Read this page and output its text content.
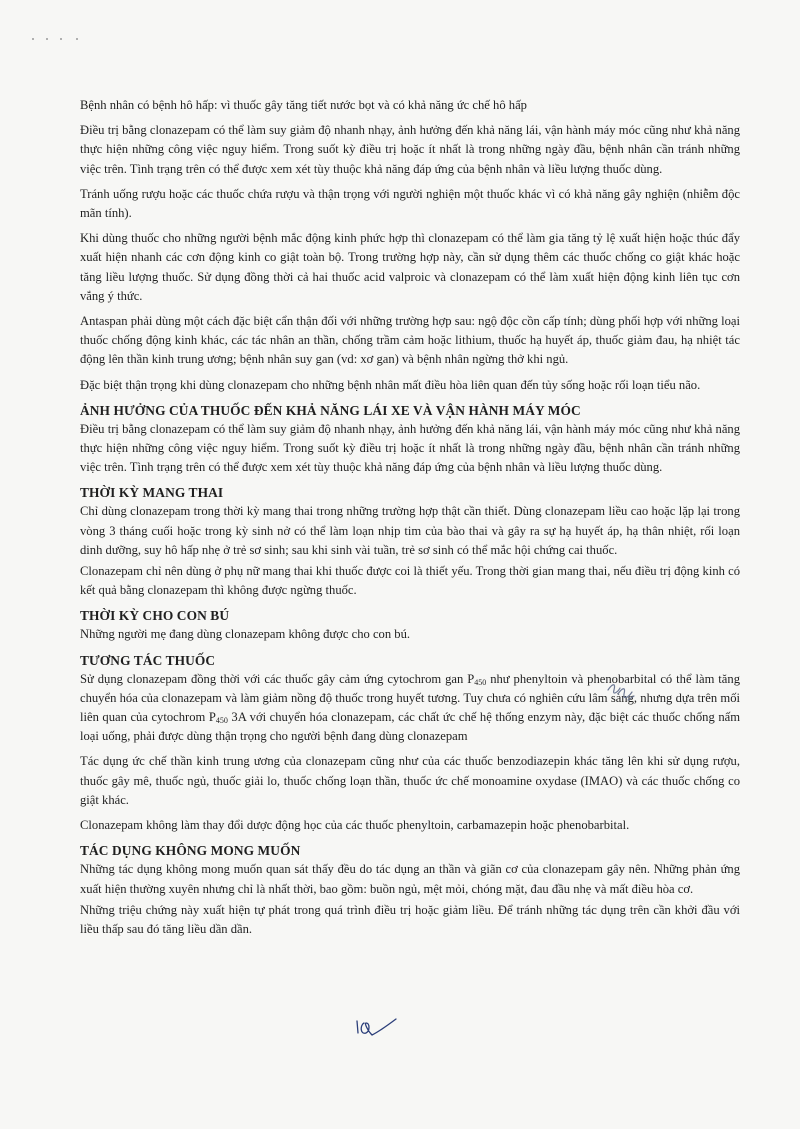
Bệnh nhân có bệnh hô hấp: vì thuốc gây tăng tiết nước bọt và có khả năng ức chế hô hấp

Điều trị bằng clonazepam có thể làm suy giảm độ nhanh nhạy, ảnh hưởng đến khả năng lái, vận hành máy móc cũng như khả năng thực hiện những công việc nguy hiểm. Trong suốt kỳ điều trị hoặc ít nhất là trong những ngày đầu, bệnh nhân cần tránh những việc trên. Tình trạng trên có thể được xem xét tùy thuộc khả năng đáp ứng của bệnh nhân và liều lượng thuốc dùng.

Tránh uống rượu hoặc các thuốc chứa rượu và thận trọng với người nghiện một thuốc khác vì có khả năng gây nghiện (nhiễm độc mãn tính).

Khi dùng thuốc cho những người bệnh mắc động kinh phức hợp thì clonazepam có thể làm gia tăng tỷ lệ xuất hiện hoặc thúc đẩy xuất hiện nhanh các cơn động kinh co giật toàn bộ. Trong trường hợp này, cần sử dụng thêm các thuốc chống co giật khác hoặc tăng liều lượng thuốc. Sử dụng đồng thời cả hai thuốc acid valproic và clonazepam có thể làm xuất hiện động kinh liên tục cơn vắng ý thức.

Antaspan phải dùng một cách đặc biệt cẩn thận đối với những trường hợp sau: ngộ độc cồn cấp tính; dùng phối hợp với những loại thuốc chống động kinh khác, các tác nhân an thần, chống trầm cảm hoặc lithium, thuốc hạ huyết áp, thuốc giảm đau, hạ nhiệt tác động lên thần kinh trung ương; bệnh nhân suy gan (vd: xơ gan) và bệnh nhân ngừng thở khi ngủ.

Đặc biệt thận trọng khi dùng clonazepam cho những bệnh nhân mất điều hòa liên quan đến tủy sống hoặc rối loạn tiểu não.

ẢNH HƯỞNG CỦA THUỐC ĐẾN KHẢ NĂNG LÁI XE VÀ VẬN HÀNH MÁY MÓC

Điều trị bằng clonazepam có thể làm suy giảm độ nhanh nhạy, ảnh hưởng đến khả năng lái, vận hành máy móc cũng như khả năng thực hiện những công việc nguy hiểm. Trong suốt kỳ điều trị hoặc ít nhất là trong những ngày đầu, bệnh nhân cần tránh những việc trên. Tình trạng trên có thể được xem xét tùy thuộc khả năng đáp ứng của bệnh nhân và liều lượng thuốc dùng.

THỜI KỲ MANG THAI

Chỉ dùng clonazepam trong thời kỳ mang thai trong những trường hợp thật cần thiết. Dùng clonazepam liều cao hoặc lặp lại trong vòng 3 tháng cuối hoặc trong kỳ sinh nở có thể làm loạn nhịp tim của bào thai và gây ra sự hạ huyết áp, hạ thân nhiệt, rối loạn dinh dưỡng, suy hô hấp nhẹ ở trẻ sơ sinh; sau khi sinh vài tuần, trẻ sơ sinh có thể mắc hội chứng cai thuốc.

Clonazepam chỉ nên dùng ở phụ nữ mang thai khi thuốc được coi là thiết yếu. Trong thời gian mang thai, nếu điều trị động kinh có kết quả bằng clonazepam thì không được ngừng thuốc.

THỜI KỲ CHO CON BÚ

Những người mẹ đang dùng clonazepam không được cho con bú.

TƯƠNG TÁC THUỐC

Sử dụng clonazepam đồng thời với các thuốc gây cảm ứng cytochrom gan $P_{450}$ như phenyltoin và phenobarbital có thể làm tăng chuyển hóa của clonazepam và làm giảm nồng độ thuốc trong huyết tương. Tuy chưa có nghiên cứu lâm sàng, nhưng dựa trên mối liên quan của cytochrom $P_{450}$ 3A với chuyển hóa clonazepam, các chất ức chế hệ thống enzym này, đặc biệt các thuốc chống nấm loại uống, phải được dùng thận trọng cho người bệnh đang dùng clonazepam

Tác dụng ức chế thần kinh trung ương của clonazepam cũng như của các thuốc benzodiazepin khác tăng lên khi sử dụng rượu, thuốc gây mê, thuốc ngủ, thuốc giải lo, thuốc chống loạn thần, thuốc ức chế monoamine oxydase (IMAO) và các thuốc chống co giật khác.

Clonazepam không làm thay đổi dược động học của các thuốc phenyltoin, carbamazepin hoặc phenobarbital.

TÁC DỤNG KHÔNG MONG MUỐN

Những tác dụng không mong muốn quan sát thấy đều do tác dụng an thần và giãn cơ của clonazepam gây nên. Những phản ứng xuất hiện thường xuyên nhưng chỉ là nhất thời, bao gồm: buồn ngủ, mệt mỏi, chóng mặt, đau đầu nhẹ và mất điều hòa cơ.

Những triệu chứng này xuất hiện tự phát trong quá trình điều trị hoặc giảm liều. Để tránh những tác dụng trên cần khởi đầu với liều thấp sau đó tăng liều dần dần.
